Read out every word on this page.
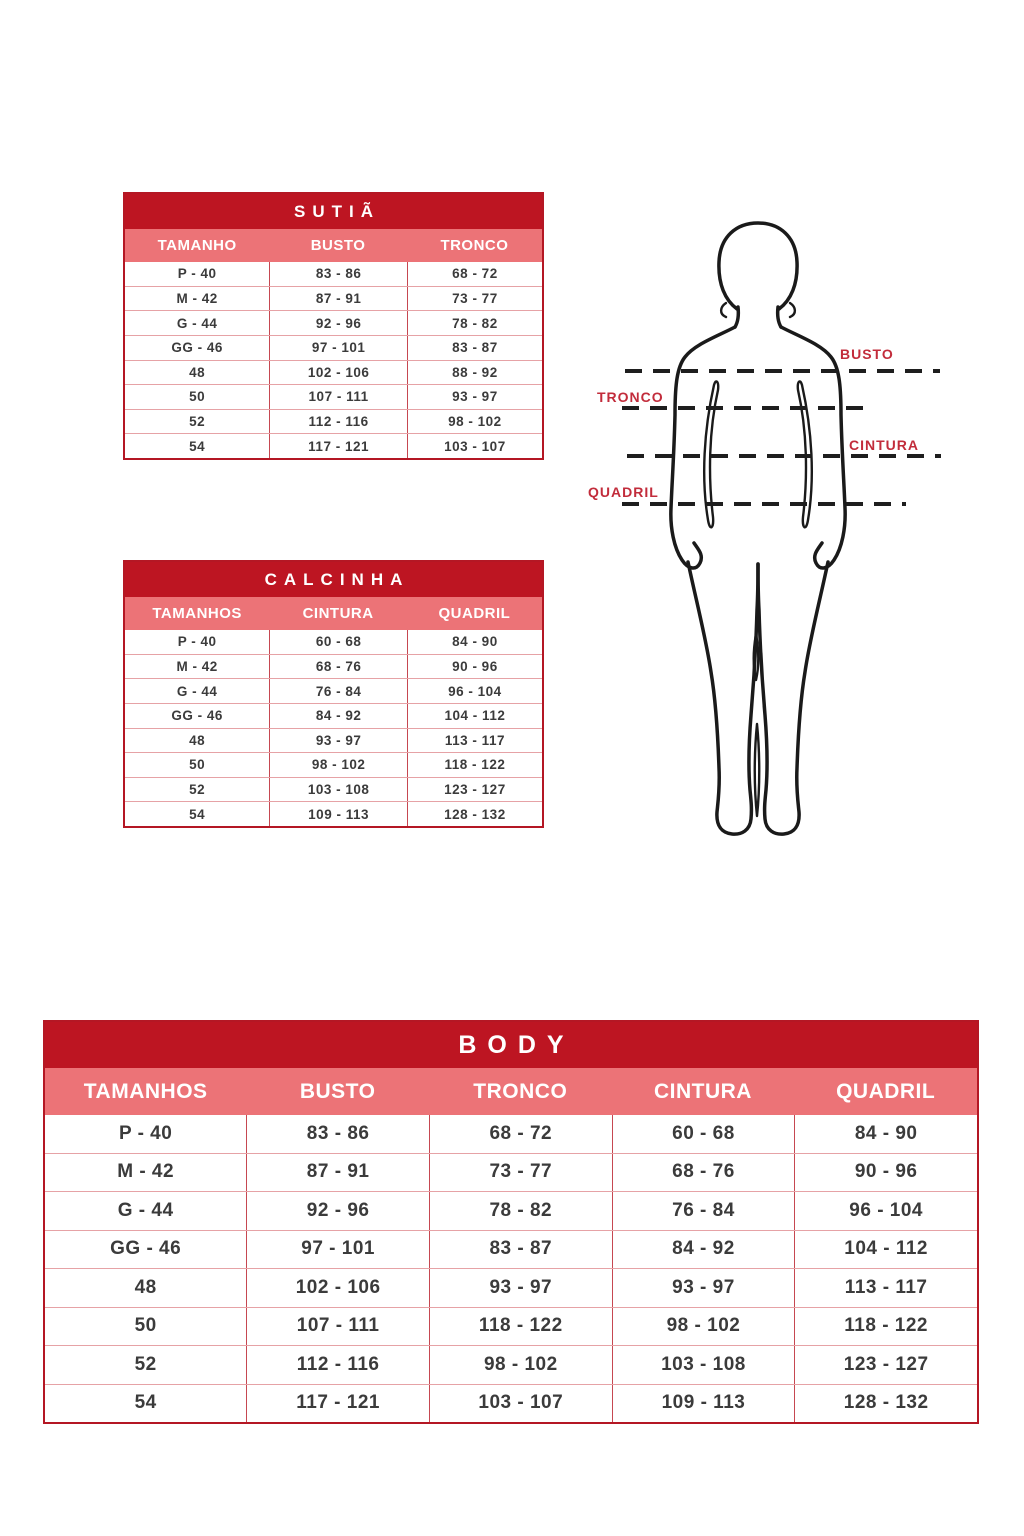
SUTIÃ
TAMANHO	BUSTO	TRONCO
P - 40	83 - 86	68 - 72
M - 42	87 - 91	73 - 77
G - 44	92 - 96	78 - 82
GG - 46	97 - 101	83 - 87
48	102 - 106	88 - 92
50	107 - 111	93 - 97
52	112 - 116	98 - 102
54	117 - 121	103 - 107
CALCINHA
TAMANHOS	CINTURA	QUADRIL
P - 40	60 - 68	84 - 90
M - 42	68 - 76	90 - 96
G - 44	76 - 84	96 - 104
GG - 46	84 - 92	104 - 112
48	93 - 97	113 - 117
50	98 - 102	118 - 122
52	103 - 108	123 - 127
54	109 - 113	128 - 132
BODY
TAMANHOS	BUSTO	TRONCO	CINTURA	QUADRIL
P - 40	83 - 86	68 - 72	60 - 68	84 - 90
M - 42	87 - 91	73 - 77	68 - 76	90 - 96
G - 44	92 - 96	78 - 82	76 - 84	96 - 104
GG - 46	97 - 101	83 - 87	84 - 92	104 - 112
48	102 - 106	93 - 97	93 - 97	113 - 117
50	107 - 111	118 - 122	98 - 102	118 - 122
52	112 - 116	98 - 102	103 - 108	123 - 127
54	117 - 121	103 - 107	109 - 113	128 - 132
BUSTO
TRONCO
CINTURA
QUADRIL
